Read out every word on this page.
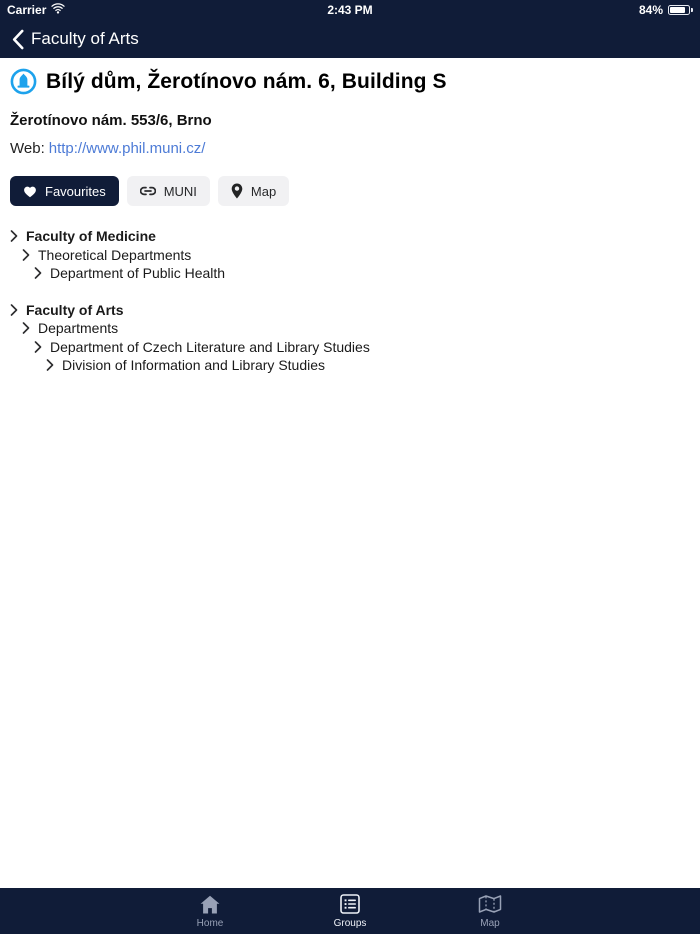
Carrier	2:43 PM	84%
Faculty of Arts
Bílý dům, Žerotínovo nám. 6, Building S
Žerotínovo nám. 553/6, Brno
Web: http://www.phil.muni.cz/
Favourites	MUNI	Map
Faculty of Medicine
Theoretical Departments
Department of Public Health
Faculty of Arts
Departments
Department of Czech Literature and Library Studies
Division of Information and Library Studies
Home	Groups	Map
